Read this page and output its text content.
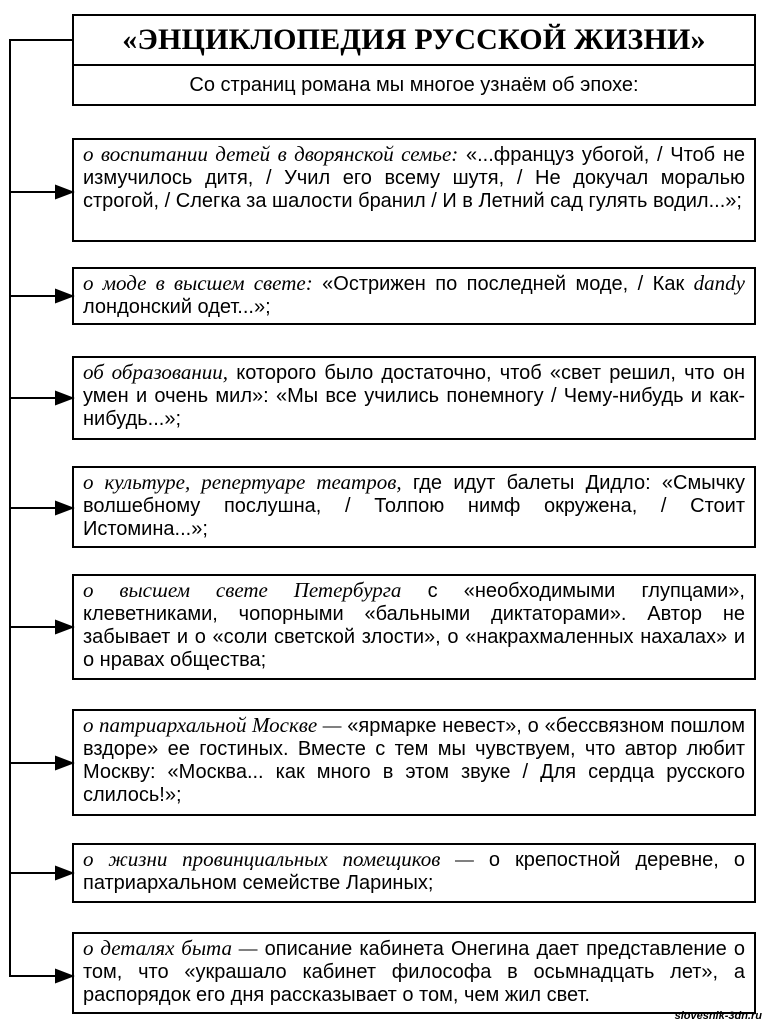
«ЭНЦИКЛОПЕДИЯ РУССКОЙ ЖИЗНИ»
Со страниц романа мы многое узнаём об эпохе:
о воспитании детей в дворянской семье: «...француз убогой, / Чтоб не измучилось дитя, / Учил его всему шутя, / Не докучал моралью строгой, / Слегка за шалости бранил / И в Летний сад гулять водил...»;
о моде в высшем свете: «Острижен по последней моде, / Как dandy лондонский одет...»;
об образовании, которого было достаточно, чтоб «свет решил, что он умен и очень мил»: «Мы все учились понемногу / Чему-нибудь и как-нибудь...»;
о культуре, репертуаре театров, где идут балеты Дидло: «Смычку волшебному послушна, / Толпою нимф окружена, / Стоит Истомина...»;
о высшем свете Петербурга с «необходимыми глупцами», клеветниками, чопорными «бальными диктаторами». Автор не забывает и о «соли светской злости», о «накрахмаленных нахалах» и о нравах общества;
о патриархальной Москве — «ярмарке невест», о «бессвязном пошлом вздоре» ее гостиных. Вместе с тем мы чувствуем, что автор любит Москву: «Москва... как много в этом звуке / Для сердца русского слилось!»;
о жизни провинциальных помещиков — о крепостной деревне, о патриархальном семействе Лариных;
о деталях быта — описание кабинета Онегина дает представление о том, что «украшало кабинет философа в осьмнадцать лет», а распорядок его дня рассказывает о том, чем жил свет.
slovesnik-3dn.ru
